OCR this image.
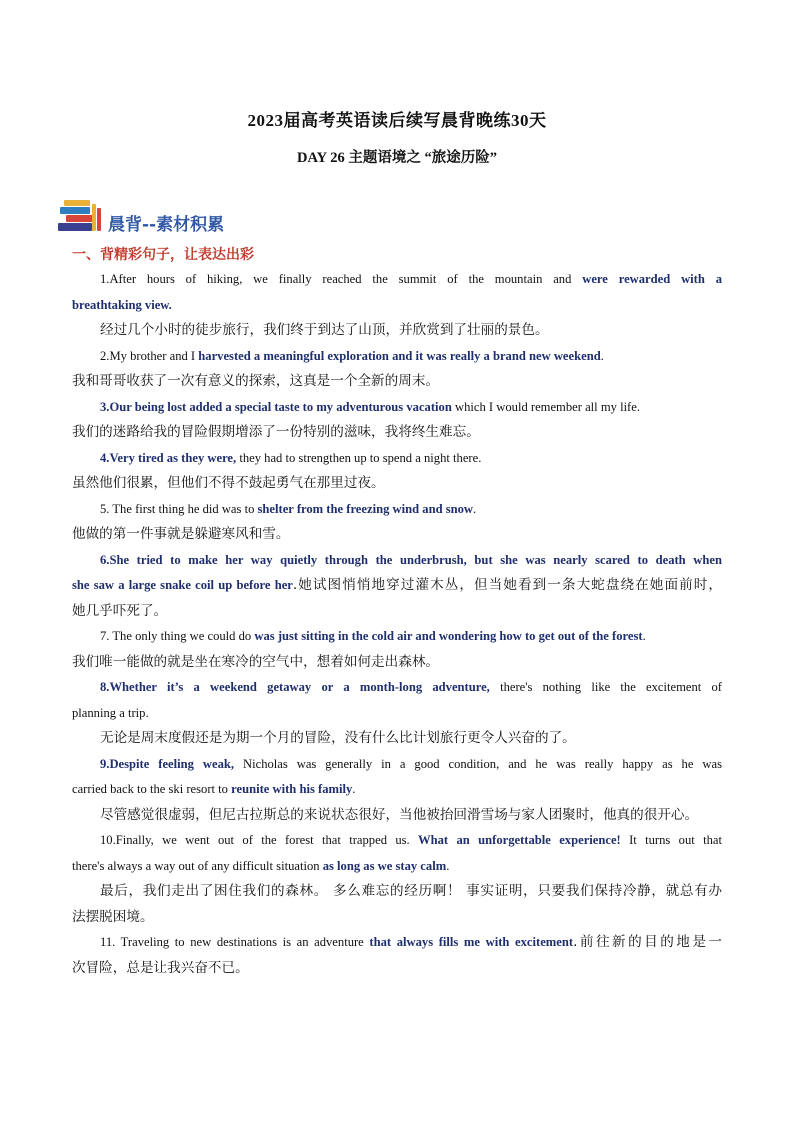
2023届高考英语读后续写晨背晚练30天
DAY 26 主题语境之 “旅途历险”
晨背--素材积累
一、背精彩句子，让表达出彩

1.After hours of hiking, we finally reached the summit of the mountain and were rewarded with a

breathtaking view.

经过几个小时的徒步旅行，我们终于到达了山顶，并欣赏到了壮丽的景色。

2.My brother and I harvested a meaningful exploration and it was really a brand new weekend.

我和哥哥收获了一次有意义的探索，这真是一个全新的周末。

3.Our being lost added a special taste to my adventurous vacation which I would remember all my life.

我们的迷路给我的冒险假期增添了一份特别的滋味，我将终生难忘。

4.Very tired as they were, they had to strengthen up to spend a night there.

虽然他们很累，但他们不得不鼓起勇气在那里过夜。

5. The first thing he did was to shelter from the freezing wind and snow.

他做的第一件事就是躲避寒风和雪。

6.She tried to make her way quietly through the underbrush, but she was nearly scared to death when

she saw a large snake coil up before her.她试图悄悄地穿过灌木丛，但当她看到一条大蛇盘绕在她面前时，

她几乎吓死了。

7. The only thing we could do was just sitting in the cold air and wondering how to get out of the forest.

我们唯一能做的就是坐在寒冷的空气中，想着如何走出森林。

8.Whether it’s a weekend getaway or a month-long adventure, there's nothing like the excitement of

planning a trip.

无论是周末度假还是为期一个月的冒险，没有什么比计划旅行更令人兴奋的了。

9.Despite feeling weak, Nicholas was generally in a good condition, and he was really happy as he was

carried back to the ski resort to reunite with his family.

尽管感觉很虚弱，但尼古拉斯总的来说状态很好，当他被抬回滑雪场与家人团聚时，他真的很开心。

10.Finally, we went out of the forest that trapped us. What an unforgettable experience! It turns out that

there's always a way out of any difficult situation as long as we stay calm.

最后，我们走出了困住我们的森林。 多么难忘的经历啊！ 事实证明，只要我们保持冷静，就总有办

法摆脱困境。

11. Traveling to new destinations is an adventure that always fills me with excitement.前往新的目的地是一

次冒险，总是让我兴奋不已。
